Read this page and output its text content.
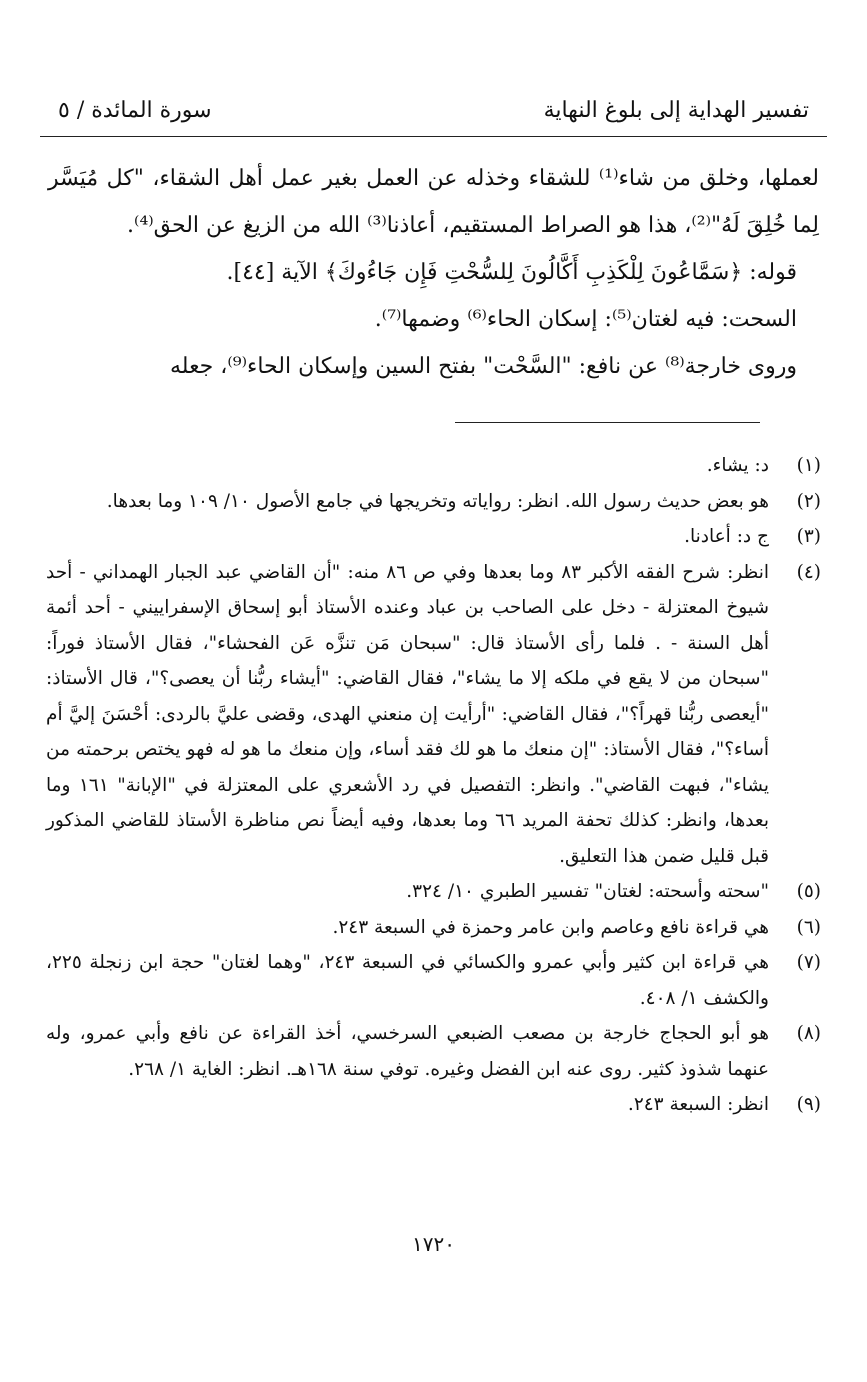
تفسير الهداية إلى بلوغ النهاية
سورة المائدة / ٥

لعملها، وخلق من شاء⁽¹⁾ للشقاء وخذله عن العمل بغير عمل أهل الشقاء، "كل مُيَسَّر لِما خُلِقَ لَهُ"⁽²⁾، هذا هو الصراط المستقيم، أعاذنا⁽³⁾ الله من الزيغ عن الحق⁽⁴⁾.

قوله: ﴿سَمَّاعُونَ لِلْكَذِبِ أَكَّالُونَ لِلسُّحْتِ فَإِن جَاءُوكَ﴾ الآية [٤٤].

السحت: فيه لغتان⁽⁵⁾: إسكان الحاء⁽⁶⁾ وضمها⁽⁷⁾.

وروى خارجة⁽⁸⁾ عن نافع: "السَّحْت" بفتح السين وإسكان الحاء⁽⁹⁾، جعله

(١)
د: يشاء.
(٢)
هو بعض حديث رسول الله. انظر: رواياته وتخريجها في جامع الأصول ١٠/ ١٠٩ وما بعدها.
(٣)
ج د: أعادنا.
(٤)
انظر: شرح الفقه الأكبر ٨٣ وما بعدها وفي ص ٨٦ منه: "أن القاضي عبد الجبار الهمداني - أحد شيوخ المعتزلة - دخل على الصاحب بن عباد وعنده الأستاذ أبو إسحاق الإسفراييني - أحد أئمة أهل السنة - . فلما رأى الأستاذ قال: "سبحان مَن تنزَّه عَن الفحشاء"، فقال الأستاذ فوراً: "سبحان من لا يقع في ملكه إلا ما يشاء"، فقال القاضي: "أيشاء ربُّنا أن يعصى؟"، قال الأستاذ: "أيعصى ربُّنا قهراً؟"، فقال القاضي: "أرأيت إن منعني الهدى، وقضى عليَّ بالردى: أحْسَنَ إليَّ أم أساء؟"، فقال الأستاذ: "إن منعك ما هو لك فقد أساء، وإن منعك ما هو له فهو يختص برحمته من يشاء"، فبهت القاضي". وانظر: التفصيل في رد الأشعري على المعتزلة في "الإبانة" ١٦١ وما بعدها، وانظر: كذلك تحفة المريد ٦٦ وما بعدها، وفيه أيضاً نص مناظرة الأستاذ للقاضي المذكور قبل قليل ضمن هذا التعليق.
(٥)
"سحته وأسحته: لغتان" تفسير الطبري ١٠/ ٣٢٤.
(٦)
هي قراءة نافع وعاصم وابن عامر وحمزة في السبعة ٢٤٣.
(٧)
هي قراءة ابن كثير وأبي عمرو والكسائي في السبعة ٢٤٣، "وهما لغتان" حجة ابن زنجلة ٢٢٥، والكشف ١/ ٤٠٨.
(٨)
هو أبو الحجاج خارجة بن مصعب الضبعي السرخسي، أخذ القراءة عن نافع وأبي عمرو، وله عنهما شذوذ كثير. روى عنه ابن الفضل وغيره. توفي سنة ١٦٨هـ. انظر: الغاية ١/ ٢٦٨.
(٩)
انظر: السبعة ٢٤٣.
١٧٢٠
